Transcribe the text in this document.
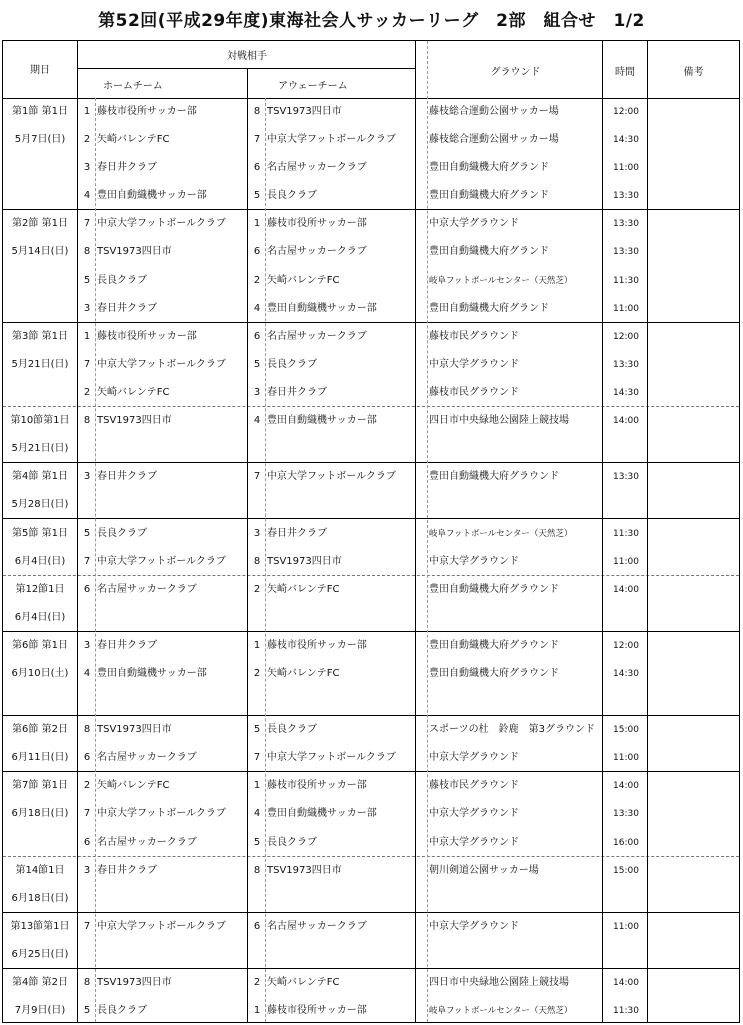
第52回(平成29年度)東海社会人サッカーリーグ　2部　組合せ　1/2
期日
対戦相手
ホームチーム	アウェーチーム
グラウンド	時間	備考
第1節 第1日	1 藤枝市役所サッカー部	8 TSV1973四日市	藤枝総合運動公園サッカー場	12:00
5月7日(日)	2 矢崎バレンテFC	7 中京大学フットボールクラブ	藤枝総合運動公園サッカー場	14:30
3 春日井クラブ	6 名古屋サッカークラブ	豊田自動織機大府グランド	11:00
4 豊田自動織機サッカー部	5 長良クラブ	豊田自動織機大府グランド	13:30
第2節 第1日	7 中京大学フットボールクラブ	1 藤枝市役所サッカー部	中京大学グラウンド	13:30
5月14日(日)	8 TSV1973四日市	6 名古屋サッカークラブ	豊田自動織機大府グランド	13:30
5 長良クラブ	2 矢崎バレンテFC	岐阜フットボールセンター（天然芝）	11:30
3 春日井クラブ	4 豊田自動織機サッカー部	豊田自動織機大府グランド	11:00
第3節 第1日	1 藤枝市役所サッカー部	6 名古屋サッカークラブ	藤枝市民グラウンド	12:00
5月21日(日)	7 中京大学フットボールクラブ	5 長良クラブ	中京大学グラウンド	13:30
2 矢崎バレンテFC	3 春日井クラブ	藤枝市民グラウンド	14:30
第10節第1日	8 TSV1973四日市	4 豊田自動織機サッカー部	四日市中央緑地公園陸上競技場	14:00
5月21日(日)
第4節 第1日	3 春日井クラブ	7 中京大学フットボールクラブ	豊田自動織機大府グラウンド	13:30
5月28日(日)
第5節 第1日	5 長良クラブ	3 春日井クラブ	岐阜フットボールセンター（天然芝）	11:30
6月4日(日)	7 中京大学フットボールクラブ	8 TSV1973四日市	中京大学グラウンド	11:00
第12節1日	6 名古屋サッカークラブ	2 矢崎バレンテFC	豊田自動織機大府グラウンド	14:00
6月4日(日)
第6節 第1日	3 春日井クラブ	1 藤枝市役所サッカー部	豊田自動織機大府グラウンド	12:00
6月10日(土)	4 豊田自動織機サッカー部	2 矢崎バレンテFC	豊田自動織機大府グラウンド	14:30
第6節 第2日	8 TSV1973四日市	5 長良クラブ	スポーツの杜　鈴鹿　第3グラウンド	15:00
6月11日(日)	6 名古屋サッカークラブ	7 中京大学フットボールクラブ	中京大学グラウンド	11:00
第7節 第1日	2 矢崎バレンテFC	1 藤枝市役所サッカー部	藤枝市民グラウンド	14:00
6月18日(日)	7 中京大学フットボールクラブ	4 豊田自動織機サッカー部	中京大学グラウンド	13:30
6 名古屋サッカークラブ	5 長良クラブ	中京大学グラウンド	16:00
第14節1日	3 春日井クラブ	8 TSV1973四日市	朝川剣道公園サッカー場	15:00
6月18日(日)
第13節第1日	7 中京大学フットボールクラブ	6 名古屋サッカークラブ	中京大学グラウンド	11:00
6月25日(日)
第4節 第2日	8 TSV1973四日市	2 矢崎バレンテFC	四日市中央緑地公園陸上競技場	14:00
7月9日(日)	5 長良クラブ	1 藤枝市役所サッカー部	岐阜フットボールセンター（天然芝）	11:30
